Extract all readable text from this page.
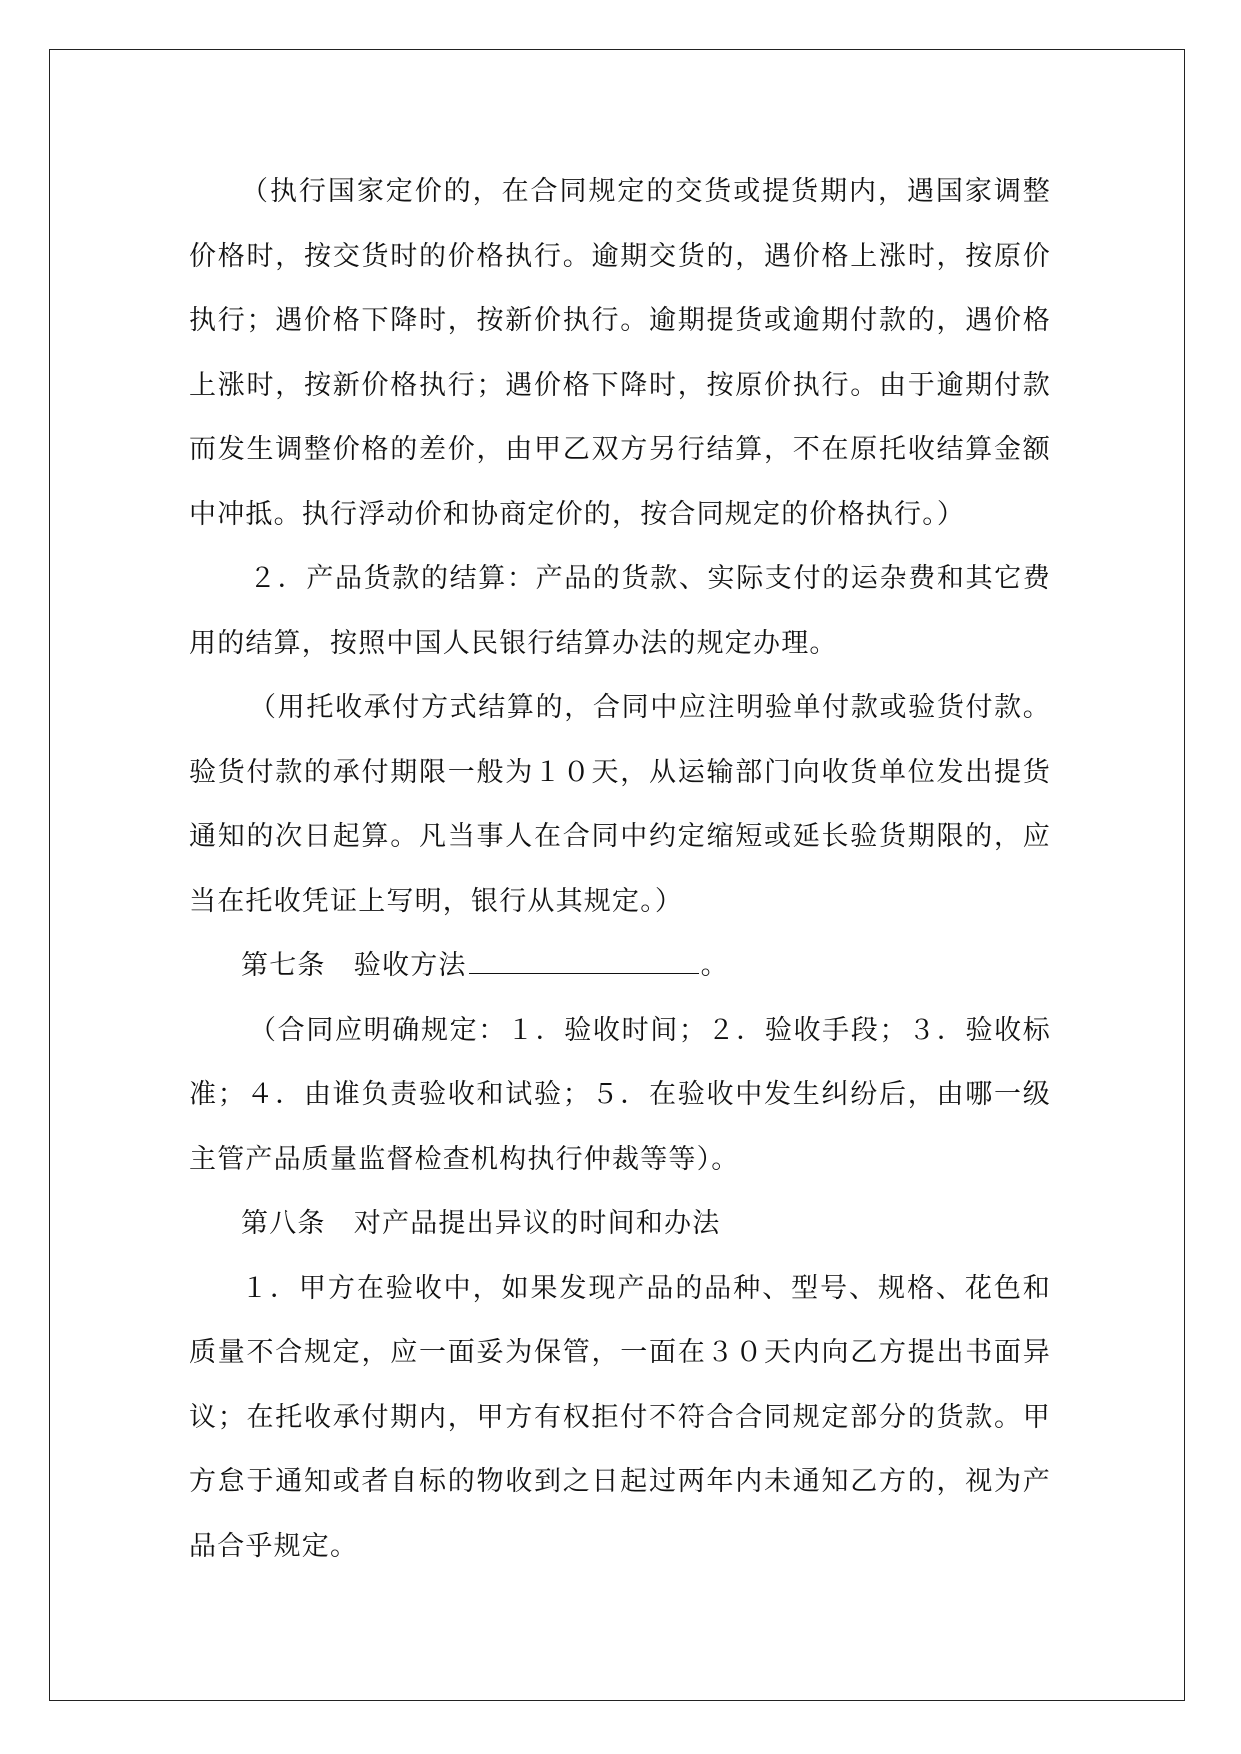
（执行国家定价的，在合同规定的交货或提货期内，遇国家调整价格时，按交货时的价格执行。逾期交货的，遇价格上涨时，按原价执行；遇价格下降时，按新价执行。逾期提货或逾期付款的，遇价格上涨时，按新价格执行；遇价格下降时，按原价执行。由于逾期付款而发生调整价格的差价，由甲乙双方另行结算，不在原托收结算金额中冲抵。执行浮动价和协商定价的，按合同规定的价格执行。）

２．产品货款的结算：产品的货款、实际支付的运杂费和其它费用的结算，按照中国人民银行结算办法的规定办理。

（用托收承付方式结算的，合同中应注明验单付款或验货付款。验货付款的承付期限一般为１０天，从运输部门向收货单位发出提货通知的次日起算。凡当事人在合同中约定缩短或延长验货期限的，应当在托收凭证上写明，银行从其规定。）

第七条　验收方法	。

（合同应明确规定：１．验收时间；２．验收手段；３．验收标准；４．由谁负责验收和试验；５．在验收中发生纠纷后，由哪一级主管产品质量监督检查机构执行仲裁等等）。

第八条　对产品提出异议的时间和办法

１．甲方在验收中，如果发现产品的品种、型号、规格、花色和质量不合规定，应一面妥为保管，一面在３０天内向乙方提出书面异议；在托收承付期内，甲方有权拒付不符合合同规定部分的货款。甲方怠于通知或者自标的物收到之日起过两年内未通知乙方的，视为产品合乎规定。
